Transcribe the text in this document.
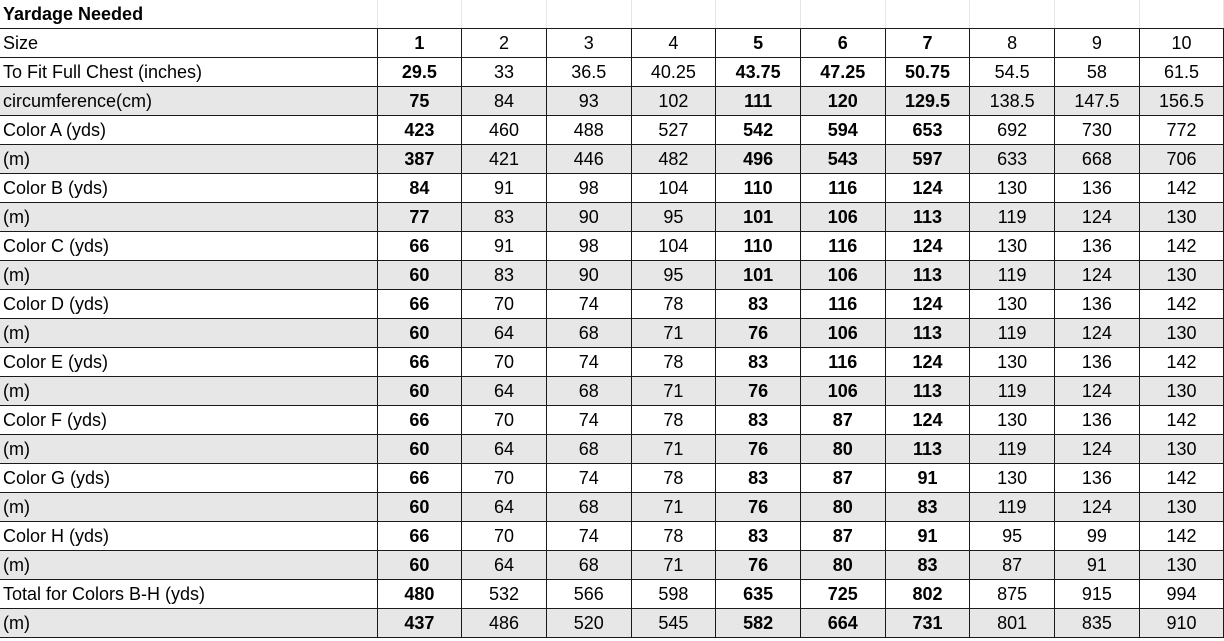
Yardage Needed										
Size	1	2	3	4	5	6	7	8	9	10
To Fit Full Chest (inches)	29.5	33	36.5	40.25	43.75	47.25	50.75	54.5	58	61.5
circumference(cm)	75	84	93	102	111	120	129.5	138.5	147.5	156.5
Color A (yds)	423	460	488	527	542	594	653	692	730	772
(m)	387	421	446	482	496	543	597	633	668	706
Color B (yds)	84	91	98	104	110	116	124	130	136	142
(m)	77	83	90	95	101	106	113	119	124	130
Color C (yds)	66	91	98	104	110	116	124	130	136	142
(m)	60	83	90	95	101	106	113	119	124	130
Color D (yds)	66	70	74	78	83	116	124	130	136	142
(m)	60	64	68	71	76	106	113	119	124	130
Color E (yds)	66	70	74	78	83	116	124	130	136	142
(m)	60	64	68	71	76	106	113	119	124	130
Color F (yds)	66	70	74	78	83	87	124	130	136	142
(m)	60	64	68	71	76	80	113	119	124	130
Color G (yds)	66	70	74	78	83	87	91	130	136	142
(m)	60	64	68	71	76	80	83	119	124	130
Color H (yds)	66	70	74	78	83	87	91	95	99	142
(m)	60	64	68	71	76	80	83	87	91	130
Total for Colors B-H (yds)	480	532	566	598	635	725	802	875	915	994
(m)	437	486	520	545	582	664	731	801	835	910
